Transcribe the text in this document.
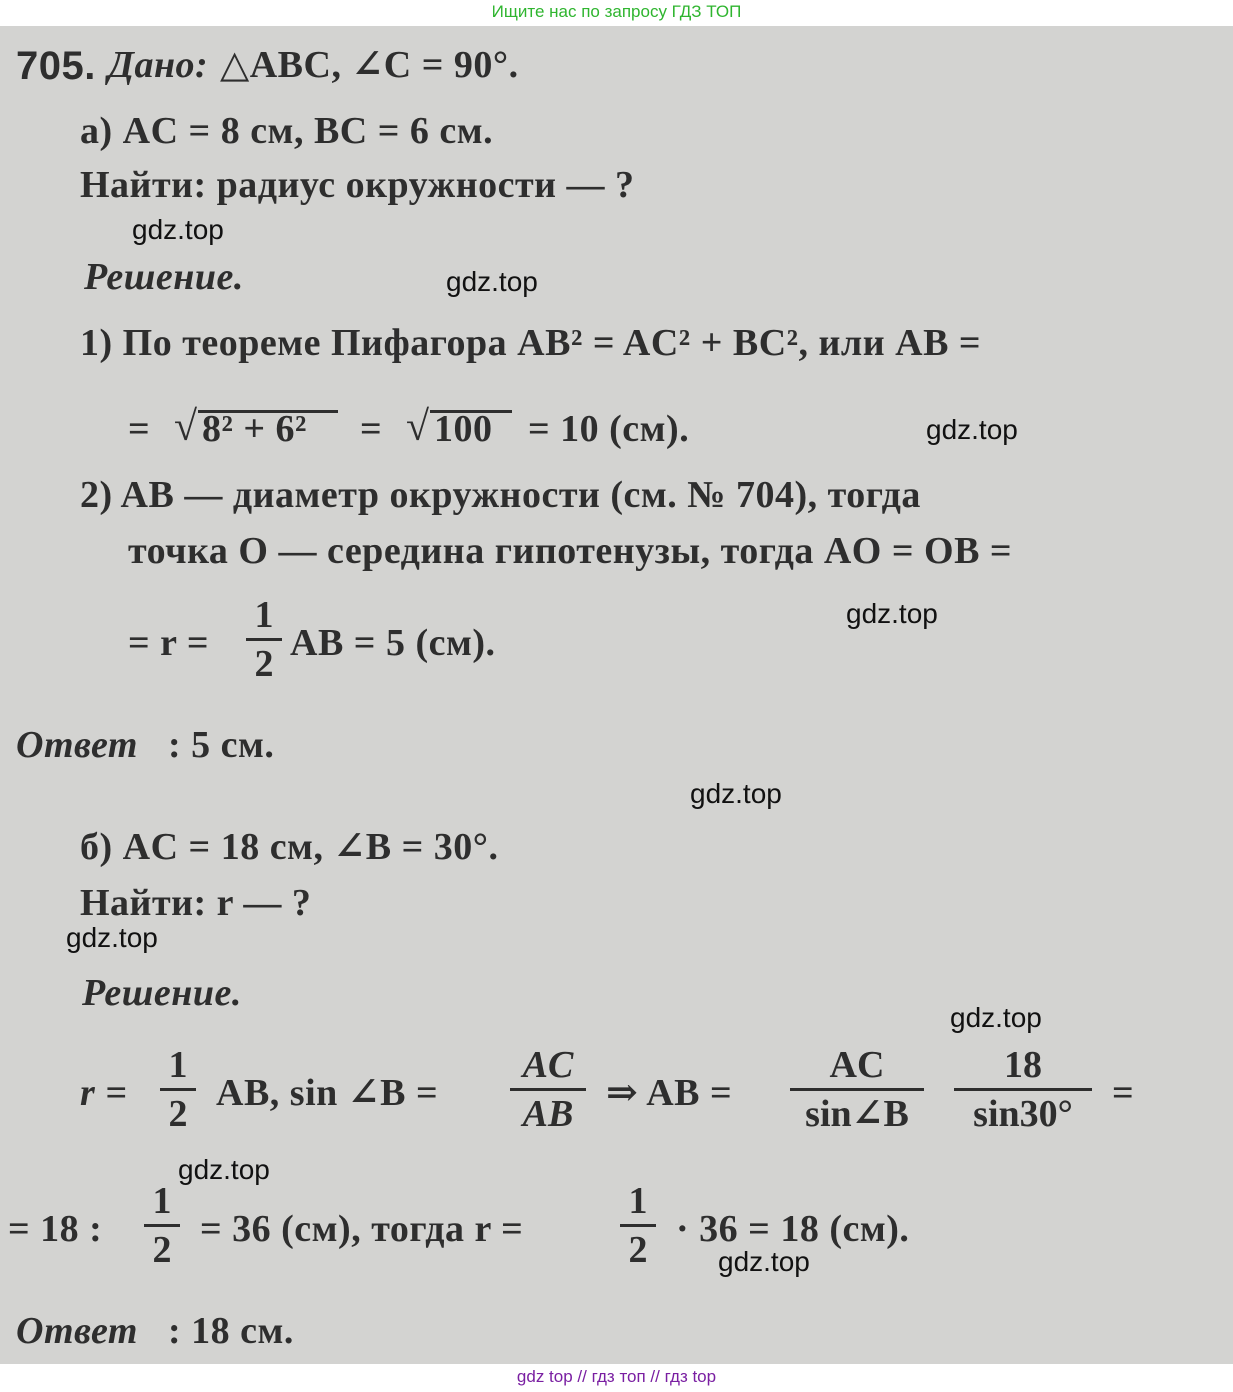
Ищите нас по запросу ГДЗ ТОП
705. Дано: △ABC, ∠C = 90°.
а) AC = 8 см, BC = 6 см.
Найти: радиус окружности — ?
Решение.
1) По теореме Пифагора AB² = AC² + BC², или AB =
= √ 8² + 6² = √ 100 = 10 (см).
2) AB — диаметр окружности (см. № 704), тогда
точка O — середина гипотенузы, тогда AO = OB =
= r =
1
2 AB = 5 (см).
Ответ : 5 см.
б) AC = 18 см, ∠B = 30°.
Найти: r — ?
Решение.
r =
1
2 AB, sin ∠B =
AC
AB ⇒ AB =
AC
sin∠B
18
sin30°	=
= 18 :
1
2 = 36 (см), тогда r =
1
2 · 36 = 18 (см).
Ответ : 18 см.
gdz.top
gdz.top
gdz.top
gdz.top
gdz.top
gdz.top
gdz.top
gdz.top
gdz.top
gdz top // гдз топ // гдз top
